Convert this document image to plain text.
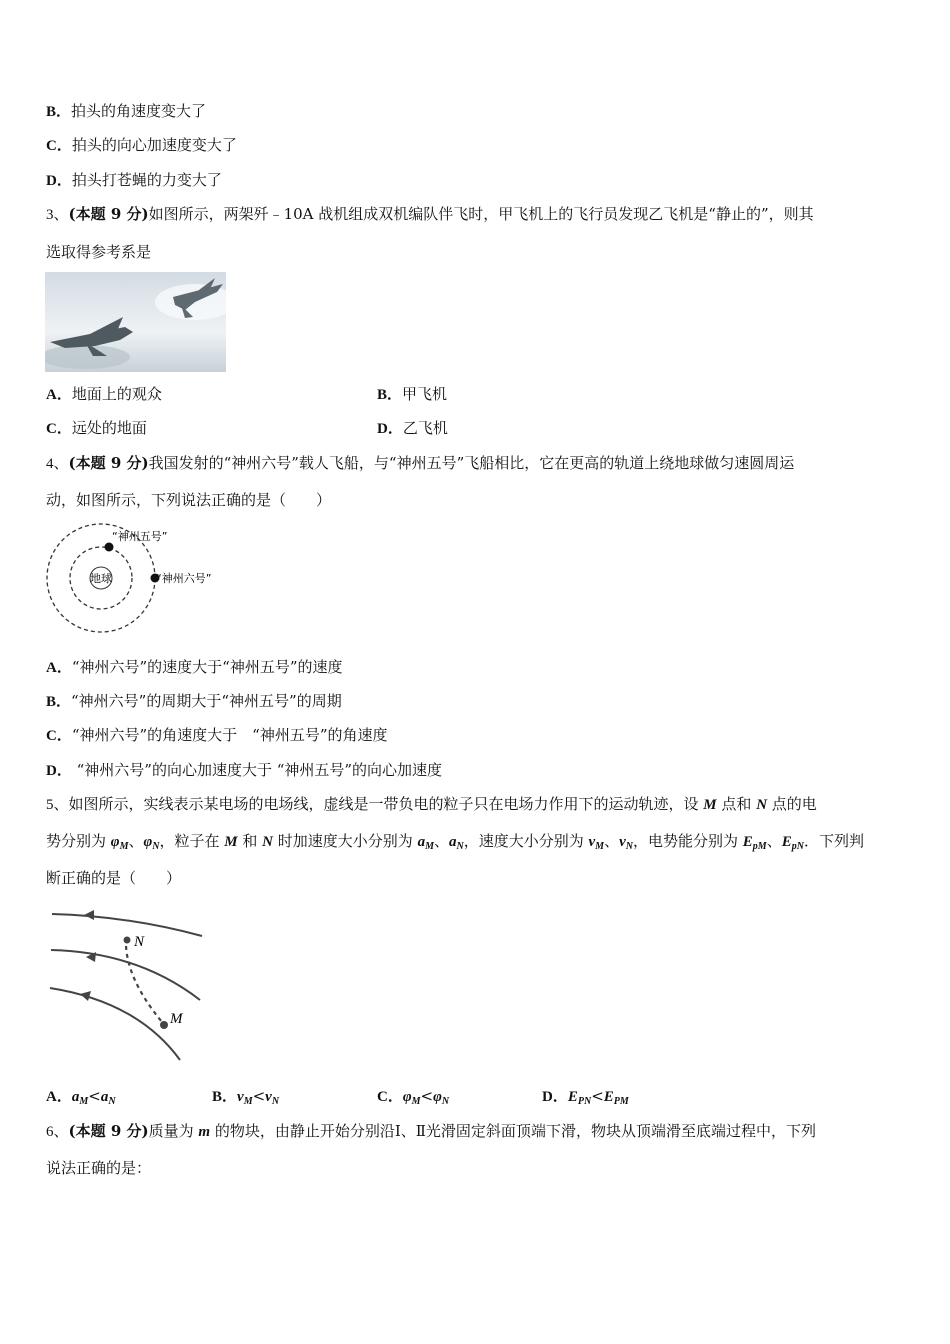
B．拍头的角速度变大了
C．拍头的向心加速度变大了
D．拍头打苍蝇的力变大了
3、(本题 9 分)如图所示，两架歼﹣10A 战机组成双机编队伴飞时，甲飞机上的飞行员发现乙飞机是“静止的”，则其
选取得参考系是
A．地面上的观众	B．甲飞机
C．远处的地面	D．乙飞机
4、(本题 9 分)我国发射的“神州六号”载人飞船，与“神州五号”飞船相比，它在更高的轨道上绕地球做匀速圆周运
动，如图所示，下列说法正确的是（　　）
地球
“神州五号”
“神州六号”
A．“神州六号”的速度大于“神州五号”的速度
B．“神州六号”的周期大于“神州五号”的周期
C．“神州六号”的角速度大于　“神州五号”的角速度
D． “神州六号”的向心加速度大于 “神州五号”的向心加速度
5、如图所示，实线表示某电场的电场线，虚线是一带负电的粒子只在电场力作用下的运动轨迹，设 M 点和 N 点的电
势分别为 $\varphi_M$、$\varphi_N$，粒子在 M 和 N 时加速度大小分别为 $a_M$、$a_N$，速度大小分别为 $v_M$、$v_N$，电势能分别为 $E_{pM}$、$E_{pN}$．下列判
断正确的是（　　）
N
M
A．$a_M<a_N$	B．$v_M<v_N$	C．$\varphi_M<\varphi_N$	D．$E_{PN}<E_{PM}$
6、(本题 9 分)质量为 m 的物块，由静止开始分别沿Ⅰ、Ⅱ光滑固定斜面顶端下滑，物块从顶端滑至底端过程中，下列
说法正确的是：
